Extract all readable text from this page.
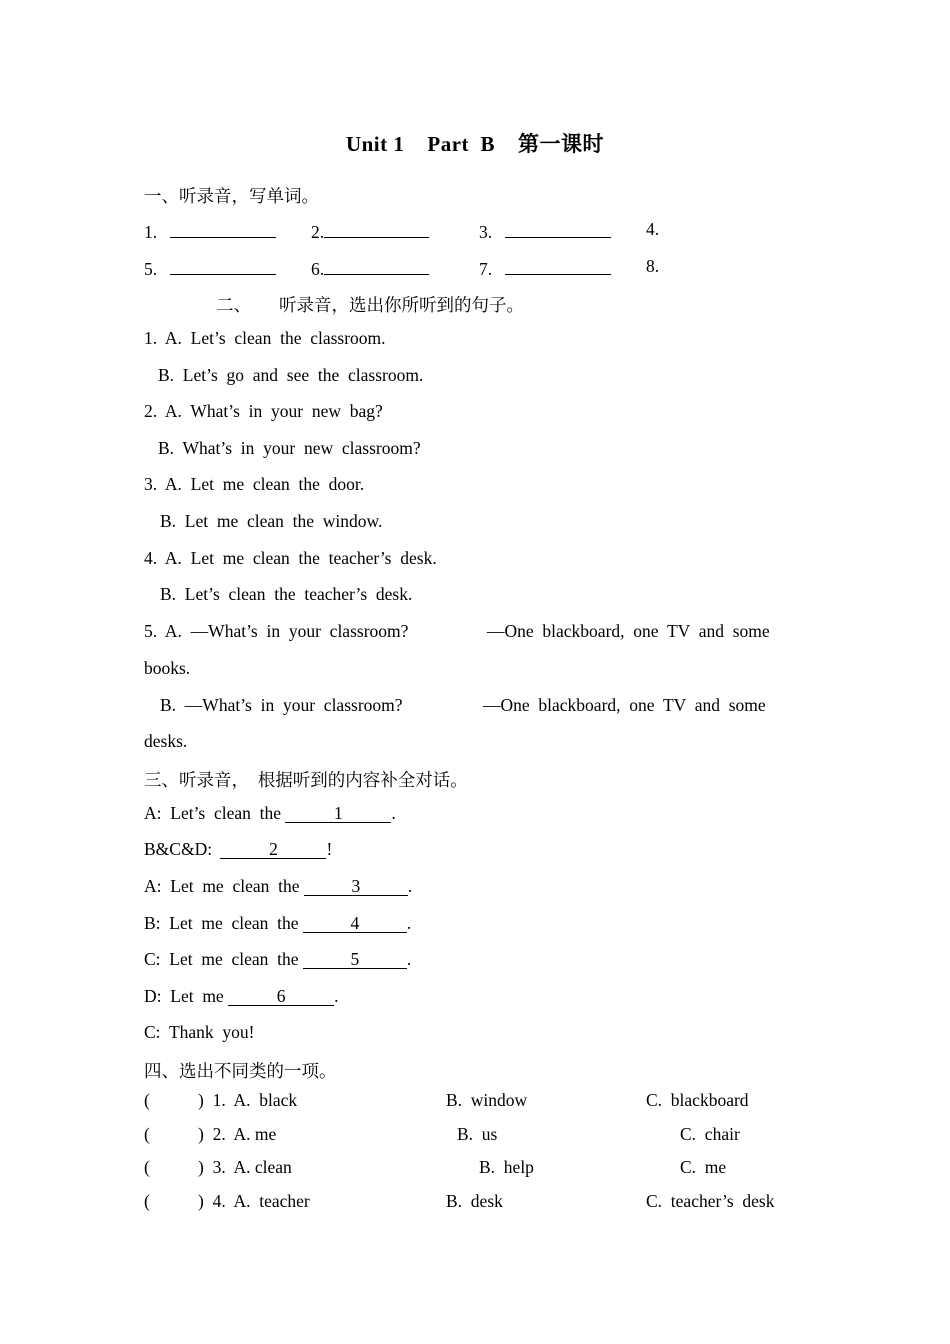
Unit 1    Part  B    第一课时
一、听录音，写单词。
1.	2.	3.	4.
5.	6.	7.	8.
二、 听录音，选出你所听到的句子。
1.  A.  Let’s  clean  the  classroom.
B.  Let’s  go  and  see  the  classroom.
2.  A.  What’s  in  your  new  bag?
B.  What’s  in  your  new  classroom?
3.  A.  Let  me  clean  the  door.
B.  Let  me  clean  the  window.
4.  A.  Let  me  clean  the  teacher’s  desk.
B.  Let’s  clean  the  teacher’s  desk.
5.  A.  —What’s  in  your  classroom?	—One  blackboard,  one  TV  and  some
books.
B.  —What’s  in  your  classroom?	—One  blackboard,  one  TV  and  some
desks.
三、听录音，  根据听到的内容补全对话。
A:  Let’s  clean  the	1	.
B&C&D:	2	!
A:  Let  me  clean  the	3	.
B:  Let  me  clean  the	4	.
C:  Let  me  clean  the	5	.
D:  Let  me	6	.
C:  Thank  you!
四、选出不同类的一项。
(	)  1.  A.  black	B.  window	C.  blackboard
(	)  2.  A. me	B.  us	C.  chair
(	)  3.  A. clean	B.  help	C.  me
(	)  4.  A.  teacher	B.  desk	C.  teacher’s  desk
